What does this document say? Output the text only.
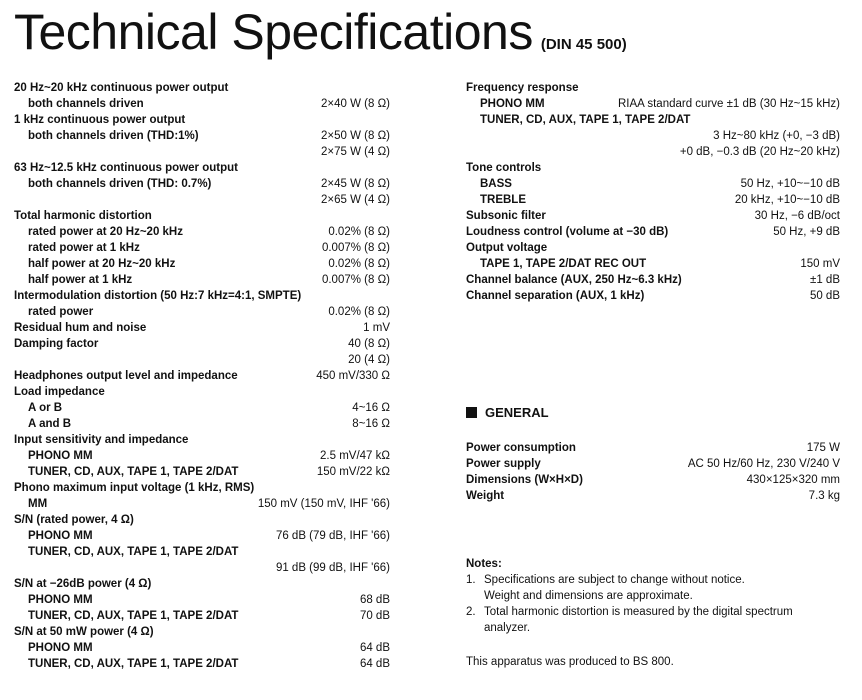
Technical Specifications (DIN 45 500)
20 Hz~20 kHz continuous power output
both channels driven	2×40 W (8 Ω)
1 kHz continuous power output
both channels driven (THD:1%)	2×50 W (8 Ω)
2×75 W (4 Ω)
63 Hz~12.5 kHz continuous power output
both channels driven (THD: 0.7%)	2×45 W (8 Ω)
2×65 W (4 Ω)
Total harmonic distortion
rated power at 20 Hz~20 kHz	0.02% (8 Ω)
rated power at 1 kHz	0.007% (8 Ω)
half power at 20 Hz~20 kHz	0.02% (8 Ω)
half power at 1 kHz	0.007% (8 Ω)
Intermodulation distortion (50 Hz:7 kHz=4:1, SMPTE)
rated power	0.02% (8 Ω)
Residual hum and noise	1 mV
Damping factor	40 (8 Ω)
20 (4 Ω)
Headphones output level and impedance	450 mV/330 Ω
Load impedance
A or B	4~16 Ω
A and B	8~16 Ω
Input sensitivity and impedance
PHONO MM	2.5 mV/47 kΩ
TUNER, CD, AUX, TAPE 1, TAPE 2/DAT	150 mV/22 kΩ
Phono maximum input voltage (1 kHz, RMS)
MM	150 mV (150 mV, IHF '66)
S/N (rated power, 4 Ω)
PHONO MM	76 dB (79 dB, IHF '66)
TUNER, CD, AUX, TAPE 1, TAPE 2/DAT
91 dB (99 dB, IHF '66)
S/N at −26dB power (4 Ω)
PHONO MM	68 dB
TUNER, CD, AUX, TAPE 1, TAPE 2/DAT	70 dB
S/N at 50 mW power (4 Ω)
PHONO MM	64 dB
TUNER, CD, AUX, TAPE 1, TAPE 2/DAT	64 dB
Frequency response
PHONO MM	RIAA standard curve ±1 dB (30 Hz~15 kHz)
TUNER, CD, AUX, TAPE 1, TAPE 2/DAT
3 Hz~80 kHz (+0, −3 dB)
+0 dB, −0.3 dB (20 Hz~20 kHz)
Tone controls
BASS	50 Hz, +10~−10 dB
TREBLE	20 kHz, +10~−10 dB
Subsonic filter	30 Hz, −6 dB/oct
Loudness control (volume at −30 dB)	50 Hz, +9 dB
Output voltage
TAPE 1, TAPE 2/DAT REC OUT	150 mV
Channel balance (AUX, 250 Hz~6.3 kHz)	±1 dB
Channel separation (AUX, 1 kHz)	50 dB
GENERAL
Power consumption	175 W
Power supply	AC 50 Hz/60 Hz, 230 V/240 V
Dimensions (W×H×D)	430×125×320 mm
Weight	7.3 kg
Notes:
1. Specifications are subject to change without notice.
Weight and dimensions are approximate.
2. Total harmonic distortion is measured by the digital spectrum
analyzer.
This apparatus was produced to BS 800.
